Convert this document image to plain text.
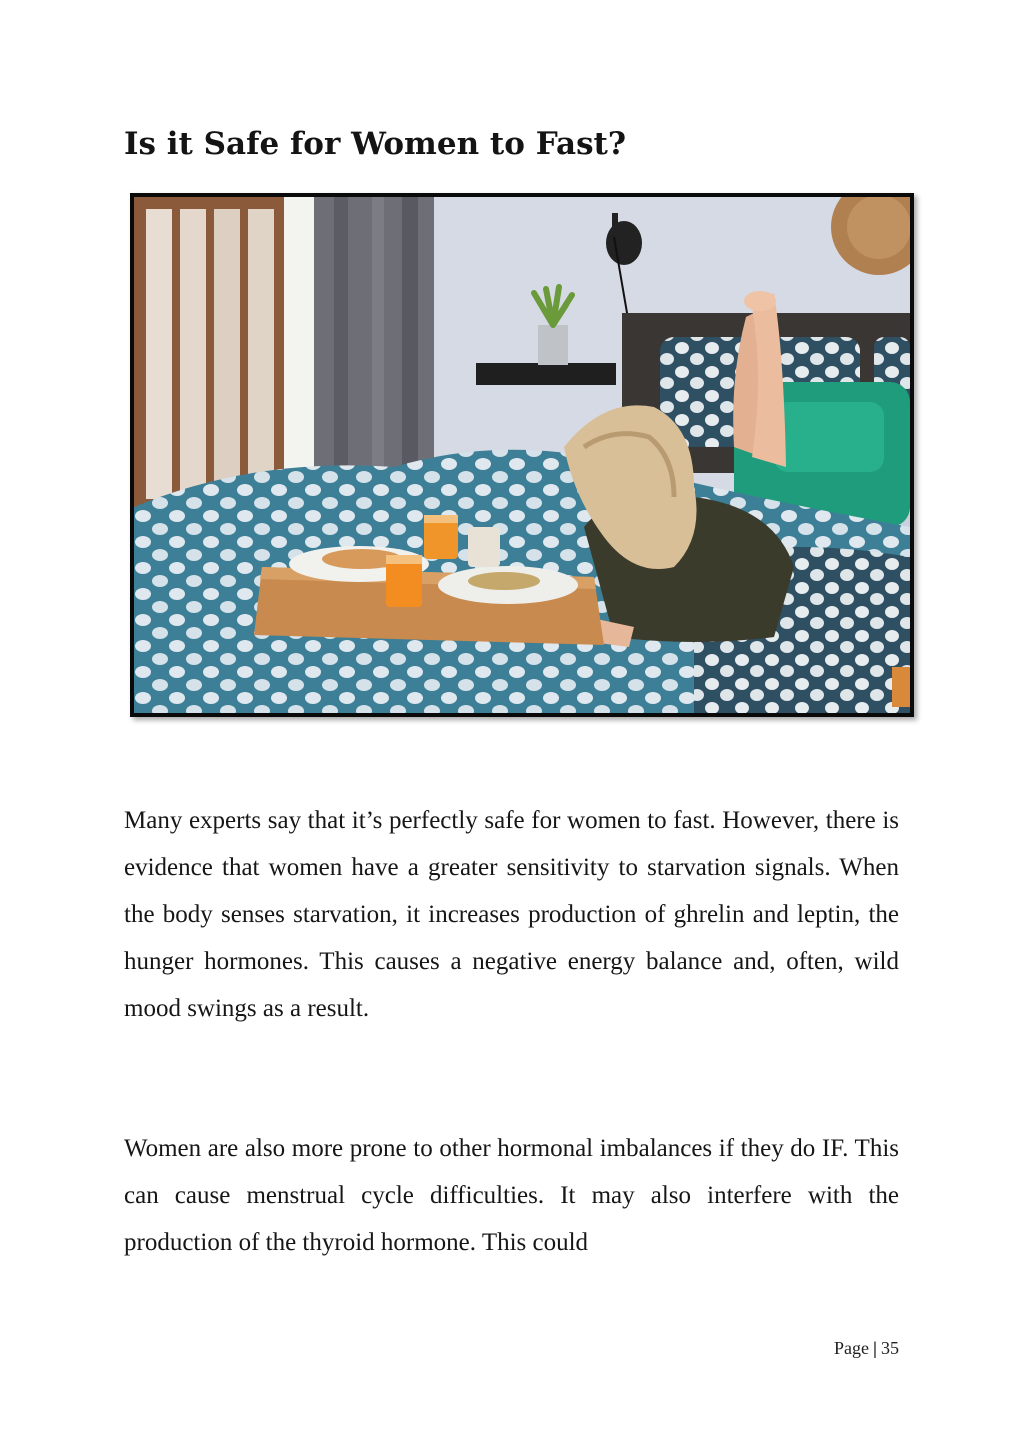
Is it Safe for Women to Fast?

Many experts say that it’s perfectly safe for women to fast. However, there is evidence that women have a greater sensitivity to starvation signals. When the body senses starvation, it increases production of ghrelin and leptin, the hunger hormones. This causes a negative energy balance and, often, wild mood swings as a result.

Women are also more prone to other hormonal imbalances if they do IF. This can cause menstrual cycle difficulties. It may also interfere with the production of the thyroid hormone. This could

Page | 35
